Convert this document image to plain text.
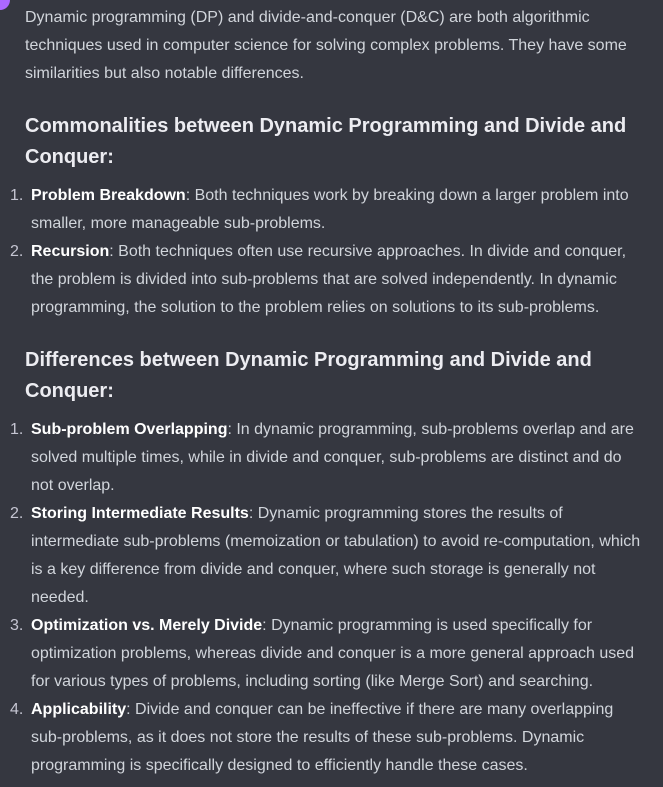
Dynamic programming (DP) and divide-and-conquer (D&C) are both algorithmic techniques used in computer science for solving complex problems. They have some similarities but also notable differences.

Commonalities between Dynamic Programming and Divide and Conquer:
1. Problem Breakdown: Both techniques work by breaking down a larger problem into smaller, more manageable sub-problems.
2. Recursion: Both techniques often use recursive approaches. In divide and conquer, the problem is divided into sub-problems that are solved independently. In dynamic programming, the solution to the problem relies on solutions to its sub-problems.
Differences between Dynamic Programming and Divide and Conquer:
1. Sub-problem Overlapping: In dynamic programming, sub-problems overlap and are solved multiple times, while in divide and conquer, sub-problems are distinct and do not overlap.
2. Storing Intermediate Results: Dynamic programming stores the results of intermediate sub-problems (memoization or tabulation) to avoid re-computation, which is a key difference from divide and conquer, where such storage is generally not needed.
3. Optimization vs. Merely Divide: Dynamic programming is used specifically for optimization problems, whereas divide and conquer is a more general approach used for various types of problems, including sorting (like Merge Sort) and searching.
4. Applicability: Divide and conquer can be ineffective if there are many overlapping sub-problems, as it does not store the results of these sub-problems. Dynamic programming is specifically designed to efficiently handle these cases.
